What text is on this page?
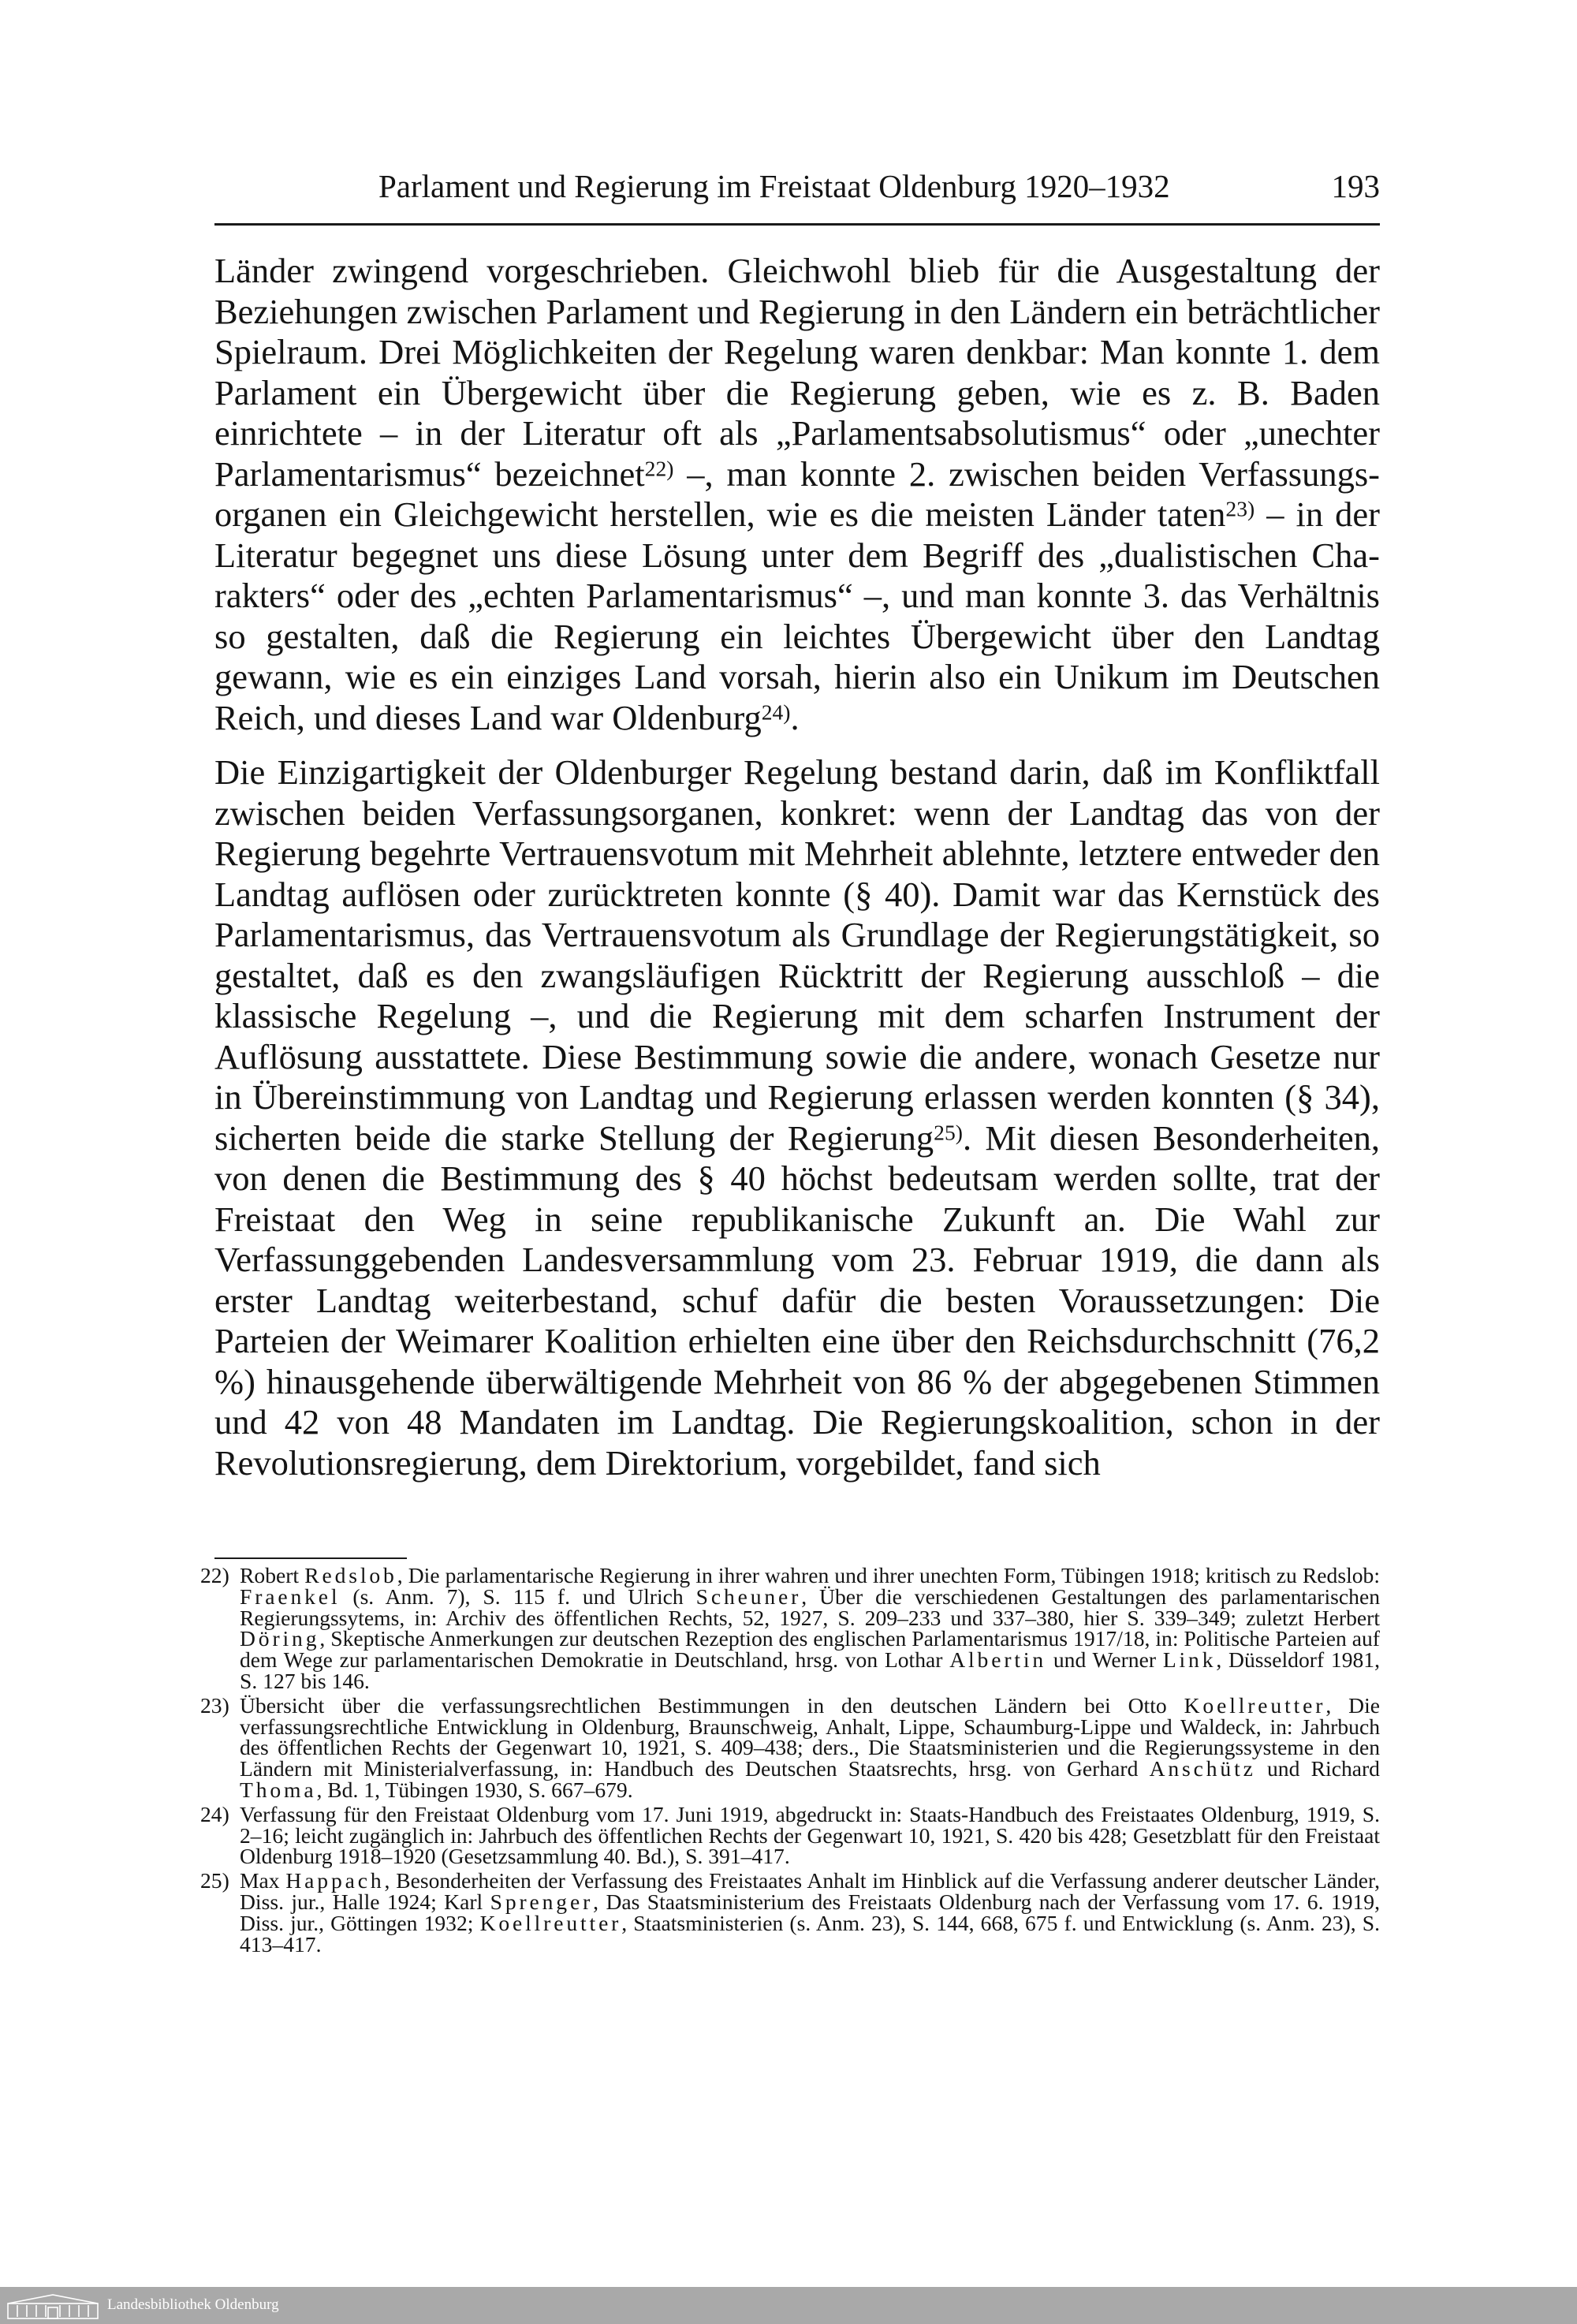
Parlament und Regierung im Freistaat Oldenburg 1920–1932	193

Länder zwingend vorgeschrieben. Gleichwohl blieb für die Ausgestaltung der Beziehungen zwischen Parlament und Regierung in den Ländern ein beträchtlicher Spielraum. Drei Möglichkeiten der Regelung waren denkbar: Man konnte 1. dem Parlament ein Übergewicht über die Regierung geben, wie es z. B. Baden einrichtete – in der Literatur oft als „Parlamentsabsolutismus“ oder „unechter Parlamentarismus“ bezeichnet$^{22)}$ –, man konnte 2. zwischen beiden Verfassungsorganen ein Gleichgewicht herstellen, wie es die meisten Länder taten$^{23)}$ – in der Literatur begegnet uns diese Lösung unter dem Begriff des „dualistischen Charakters“ oder des „echten Parlamentarismus“ –, und man konnte 3. das Verhältnis so gestalten, daß die Regierung ein leichtes Übergewicht über den Landtag gewann, wie es ein einziges Land vorsah, hierin also ein Unikum im Deutschen Reich, und dieses Land war Oldenburg$^{24)}$.

Die Einzigartigkeit der Oldenburger Regelung bestand darin, daß im Konfliktfall zwischen beiden Verfassungsorganen, konkret: wenn der Landtag das von der Regierung begehrte Vertrauensvotum mit Mehrheit ablehnte, letztere entweder den Landtag auflösen oder zurücktreten konnte (§ 40). Damit war das Kernstück des Parlamentarismus, das Vertrauensvotum als Grundlage der Regierungstätigkeit, so gestaltet, daß es den zwangsläufigen Rücktritt der Regierung ausschloß – die klassische Regelung –, und die Regierung mit dem scharfen Instrument der Auflösung ausstattete. Diese Bestimmung sowie die andere, wonach Gesetze nur in Übereinstimmung von Landtag und Regierung erlassen werden konnten (§ 34), sicherten beide die starke Stellung der Regierung$^{25)}$. Mit diesen Besonderheiten, von denen die Bestimmung des § 40 höchst bedeutsam werden sollte, trat der Freistaat den Weg in seine republikanische Zukunft an. Die Wahl zur Verfassunggebenden Landesversammlung vom 23. Februar 1919, die dann als erster Landtag weiterbestand, schuf dafür die besten Voraussetzungen: Die Parteien der Weimarer Koalition erhielten eine über den Reichsdurchschnitt (76,2 %) hinausgehende überwältigende Mehrheit von 86 % der abgegebenen Stimmen und 42 von 48 Mandaten im Landtag. Die Regierungskoalition, schon in der Revolutionsregierung, dem Direktorium, vorgebildet, fand sich

22) Robert Redslob, Die parlamentarische Regierung in ihrer wahren und ihrer unechten Form, Tübingen 1918; kritisch zu Redslob: Fraenkel (s. Anm. 7), S. 115 f. und Ulrich Scheuner, Über die verschiedenen Gestaltungen des parlamentarischen Regierungssytems, in: Archiv des öffentlichen Rechts, 52, 1927, S. 209–233 und 337–380, hier S. 339–349; zuletzt Herbert Döring, Skeptische Anmerkungen zur deutschen Rezeption des englischen Parlamentarismus 1917/18, in: Politische Parteien auf dem Wege zur parlamentarischen Demokratie in Deutschland, hrsg. von Lothar Albertin und Werner Link, Düsseldorf 1981, S. 127 bis 146.
23) Übersicht über die verfassungsrechtlichen Bestimmungen in den deutschen Ländern bei Otto Koellreutter, Die verfassungsrechtliche Entwicklung in Oldenburg, Braunschweig, Anhalt, Lippe, Schaumburg-Lippe und Waldeck, in: Jahrbuch des öffentlichen Rechts der Gegenwart 10, 1921, S. 409–438; ders., Die Staatsministerien und die Regierungssysteme in den Ländern mit Ministerialverfassung, in: Handbuch des Deutschen Staatsrechts, hrsg. von Gerhard Anschütz und Richard Thoma, Bd. 1, Tübingen 1930, S. 667–679.
24) Verfassung für den Freistaat Oldenburg vom 17. Juni 1919, abgedruckt in: Staats-Handbuch des Freistaates Oldenburg, 1919, S. 2–16; leicht zugänglich in: Jahrbuch des öffentlichen Rechts der Gegenwart 10, 1921, S. 420 bis 428; Gesetzblatt für den Freistaat Oldenburg 1918–1920 (Gesetzsammlung 40. Bd.), S. 391–417.
25) Max Happach, Besonderheiten der Verfassung des Freistaates Anhalt im Hinblick auf die Verfassung anderer deutscher Länder, Diss. jur., Halle 1924; Karl Sprenger, Das Staatsministerium des Freistaats Oldenburg nach der Verfassung vom 17. 6. 1919, Diss. jur., Göttingen 1932; Koellreutter, Staatsministerien (s. Anm. 23), S. 144, 668, 675 f. und Entwicklung (s. Anm. 23), S. 413–417.
Landesbibliothek Oldenburg
